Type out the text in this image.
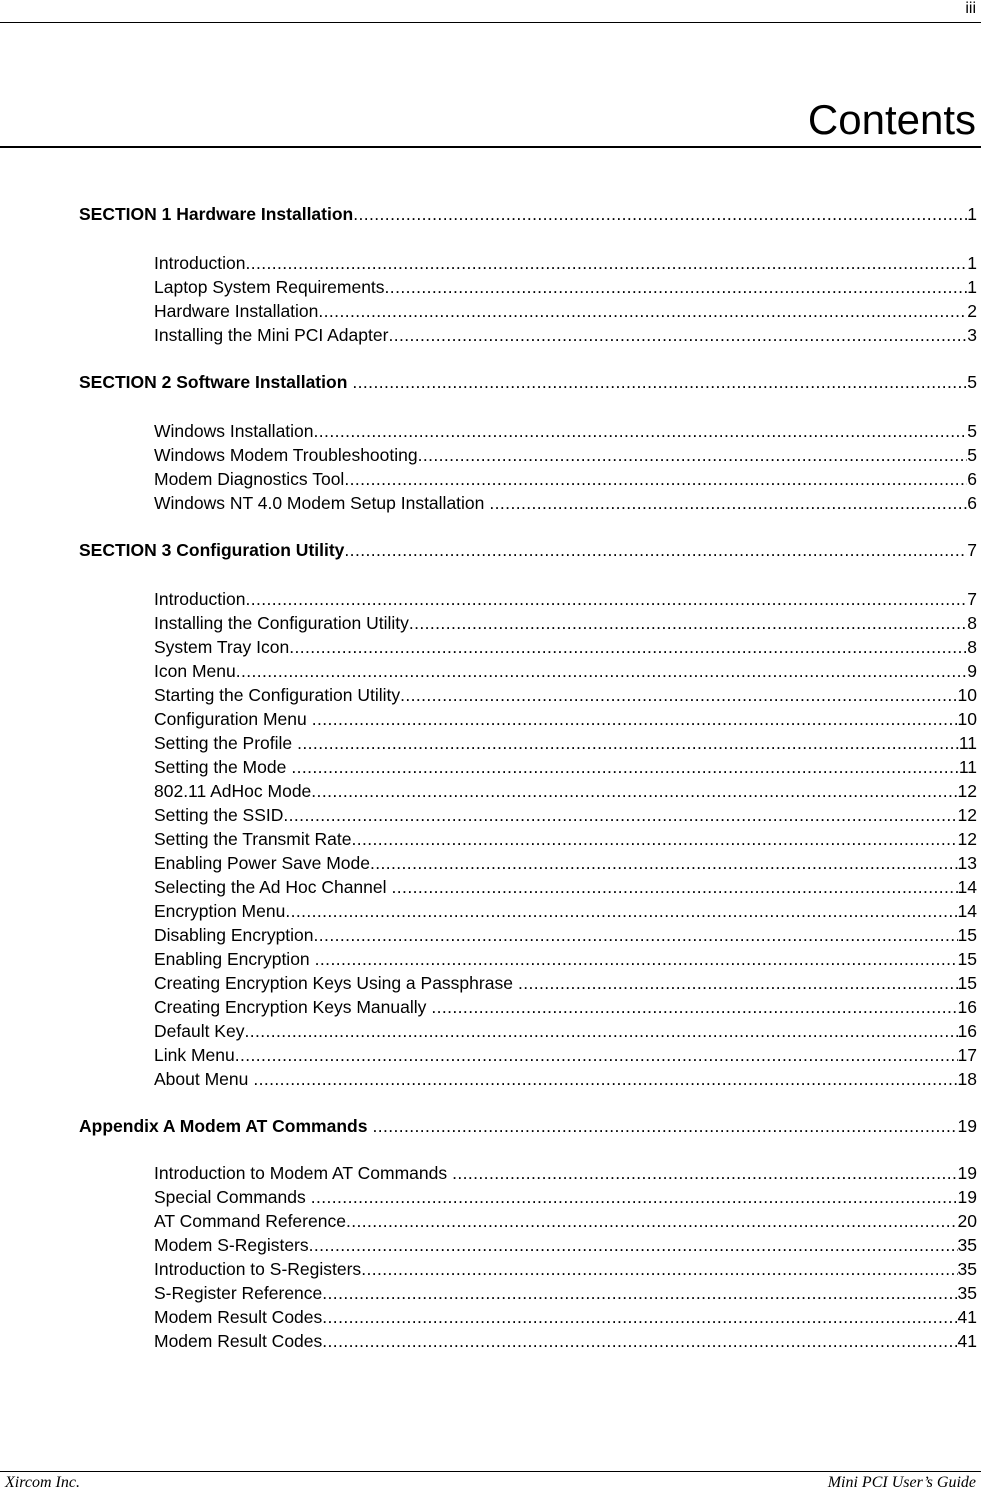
iii
Contents
SECTION 1 Hardware Installation .....	1
Introduction .....	1
Laptop System Requirements .....	1
Hardware Installation .....	2
Installing the Mini PCI Adapter .....	3
SECTION 2 Software Installation .....	5
Windows Installation .....	5
Windows Modem Troubleshooting .....	5
Modem Diagnostics Tool .....	6
Windows NT 4.0 Modem Setup Installation .....	6
SECTION 3 Configuration Utility .....	7
Introduction .....	7
Installing the Configuration Utility .....	8
System Tray Icon .....	8
Icon Menu .....	9
Starting the Configuration Utility .....	10
Configuration Menu .....	10
Setting the Profile .....	11
Setting the Mode .....	11
802.11 AdHoc Mode .....	12
Setting the SSID .....	12
Setting the Transmit Rate .....	12
Enabling Power Save Mode .....	13
Selecting the Ad Hoc Channel .....	14
Encryption Menu .....	14
Disabling Encryption .....	15
Enabling Encryption .....	15
Creating Encryption Keys Using a Passphrase .....	15
Creating Encryption Keys Manually .....	16
Default Key .....	16
Link Menu .....	17
About Menu .....	18
Appendix A Modem AT Commands .....	19
Introduction to Modem AT Commands .....	19
Special Commands .....	19
AT Command Reference .....	20
Modem S-Registers .....	35
Introduction to S-Registers .....	35
S-Register Reference .....	35
Modem Result Codes .....	41
Modem Result Codes .....	41
Xircom Inc.	Mini PCI User’s Guide
